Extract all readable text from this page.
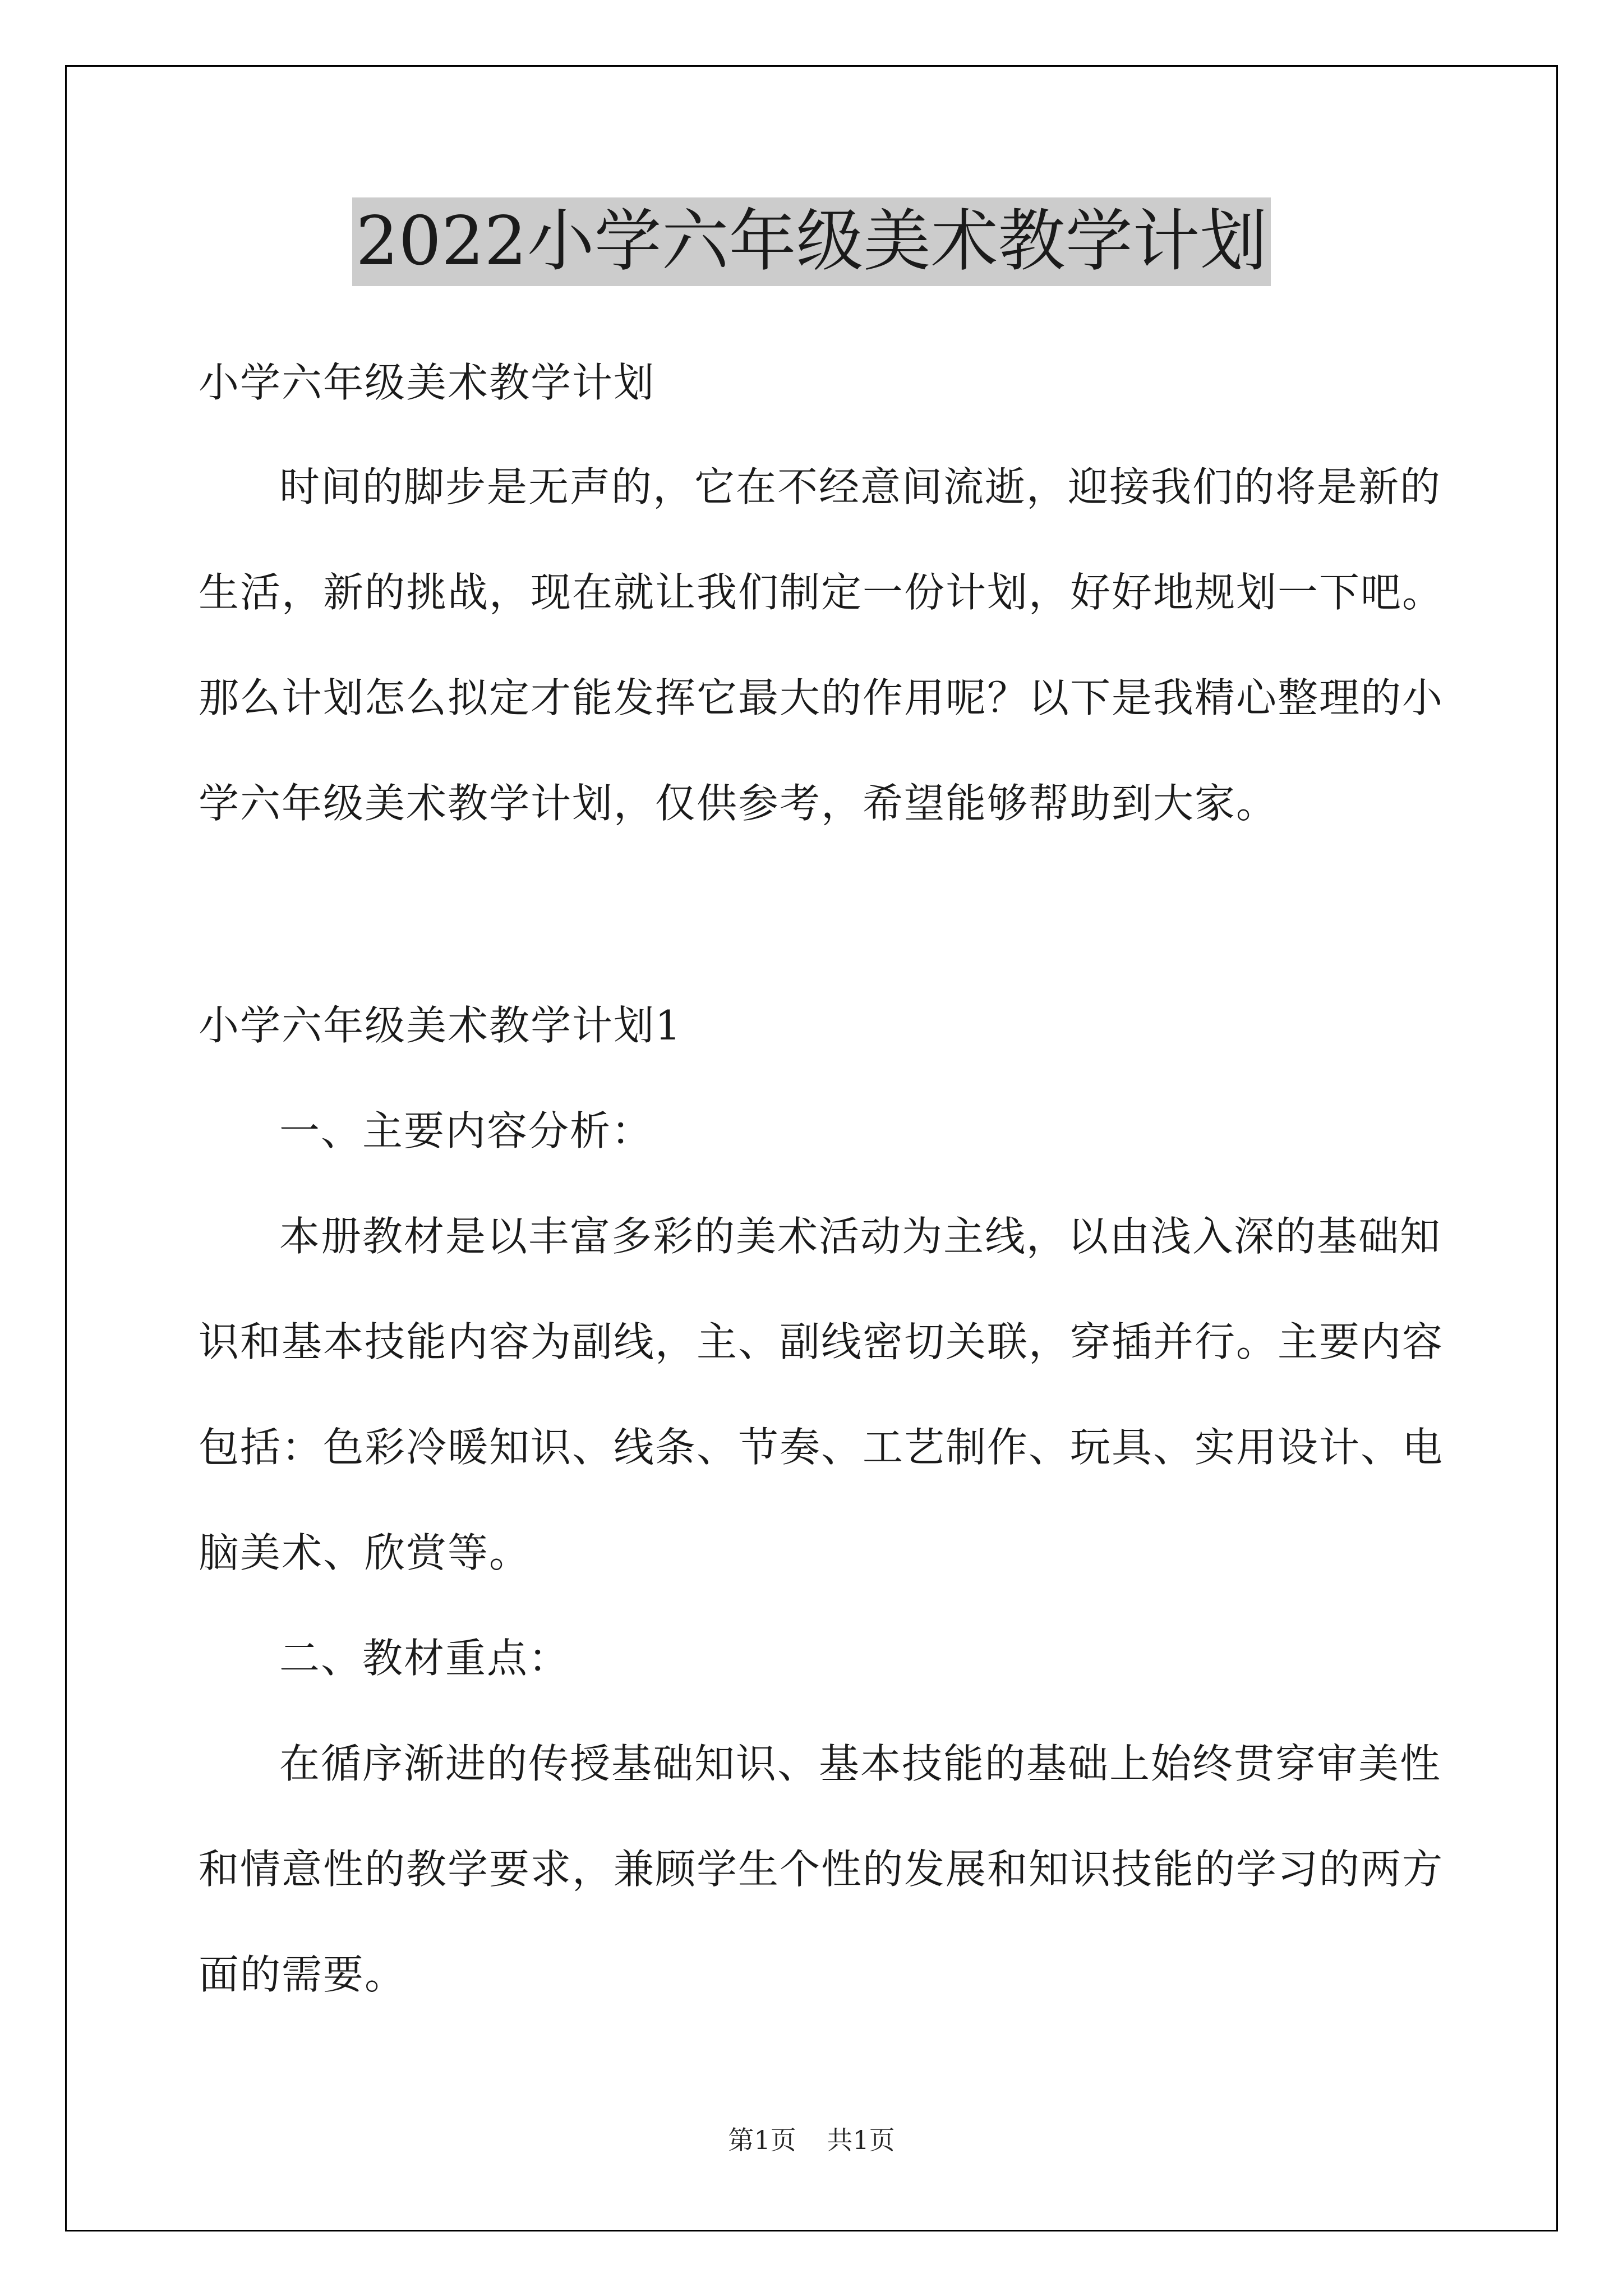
2022小学六年级美术教学计划
小学六年级美术教学计划
时间的脚步是无声的，它在不经意间流逝，迎接我们的将是新的
生活，新的挑战，现在就让我们制定一份计划，好好地规划一下吧。
那么计划怎么拟定才能发挥它最大的作用呢？以下是我精心整理的小
学六年级美术教学计划，仅供参考，希望能够帮助到大家。
小学六年级美术教学计划1
一、主要内容分析：
本册教材是以丰富多彩的美术活动为主线，以由浅入深的基础知
识和基本技能内容为副线，主、副线密切关联，穿插并行。主要内容
包括：色彩冷暖知识、线条、节奏、工艺制作、玩具、实用设计、电
脑美术、欣赏等。
二、教材重点：
在循序渐进的传授基础知识、基本技能的基础上始终贯穿审美性
和情意性的教学要求，兼顾学生个性的发展和知识技能的学习的两方
面的需要。
第1页 共1页
